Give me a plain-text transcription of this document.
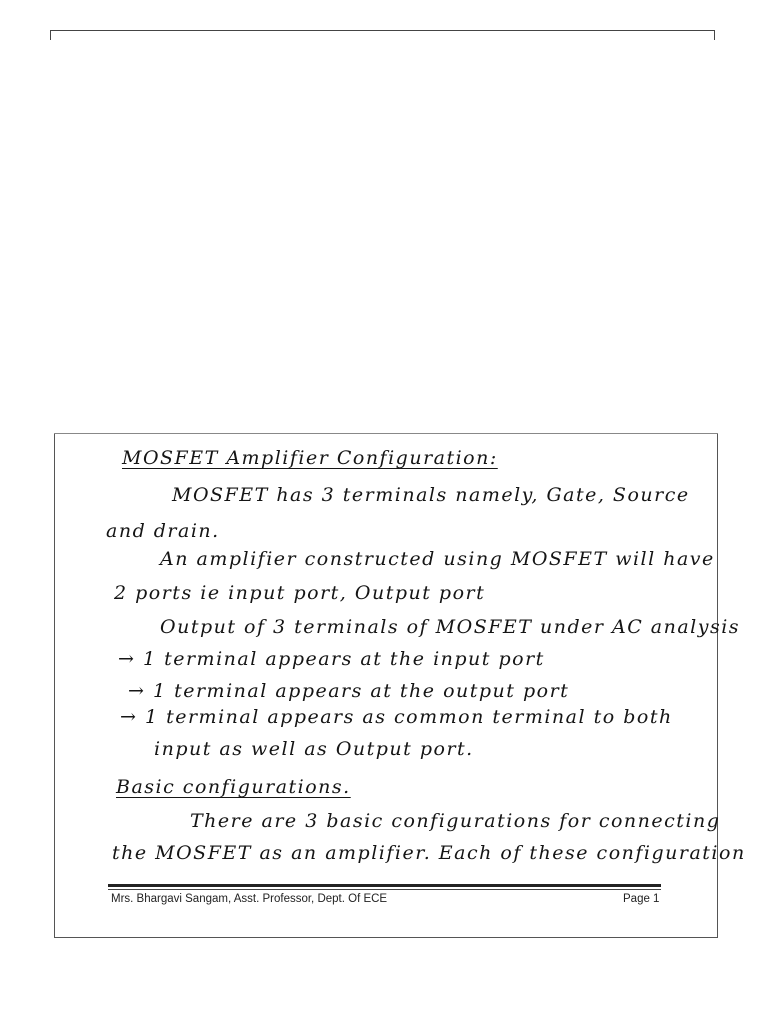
MOSFET Amplifier Configuration:
MOSFET has 3 terminals namely, Gate, Source
and drain.
An amplifier constructed using MOSFET will have
2 ports ie input port, Output port
Output of 3 terminals of MOSFET under AC analysis
→ 1 terminal appears at the input port
→ 1 terminal appears at the output port
→ 1 terminal appears as common terminal to both
input as well as Output port.
Basic configurations.
There are 3 basic configurations for connecting
the MOSFET as an amplifier. Each of these configuration
Mrs. Bhargavi Sangam, Asst. Professor, Dept. Of ECE	Page 1
